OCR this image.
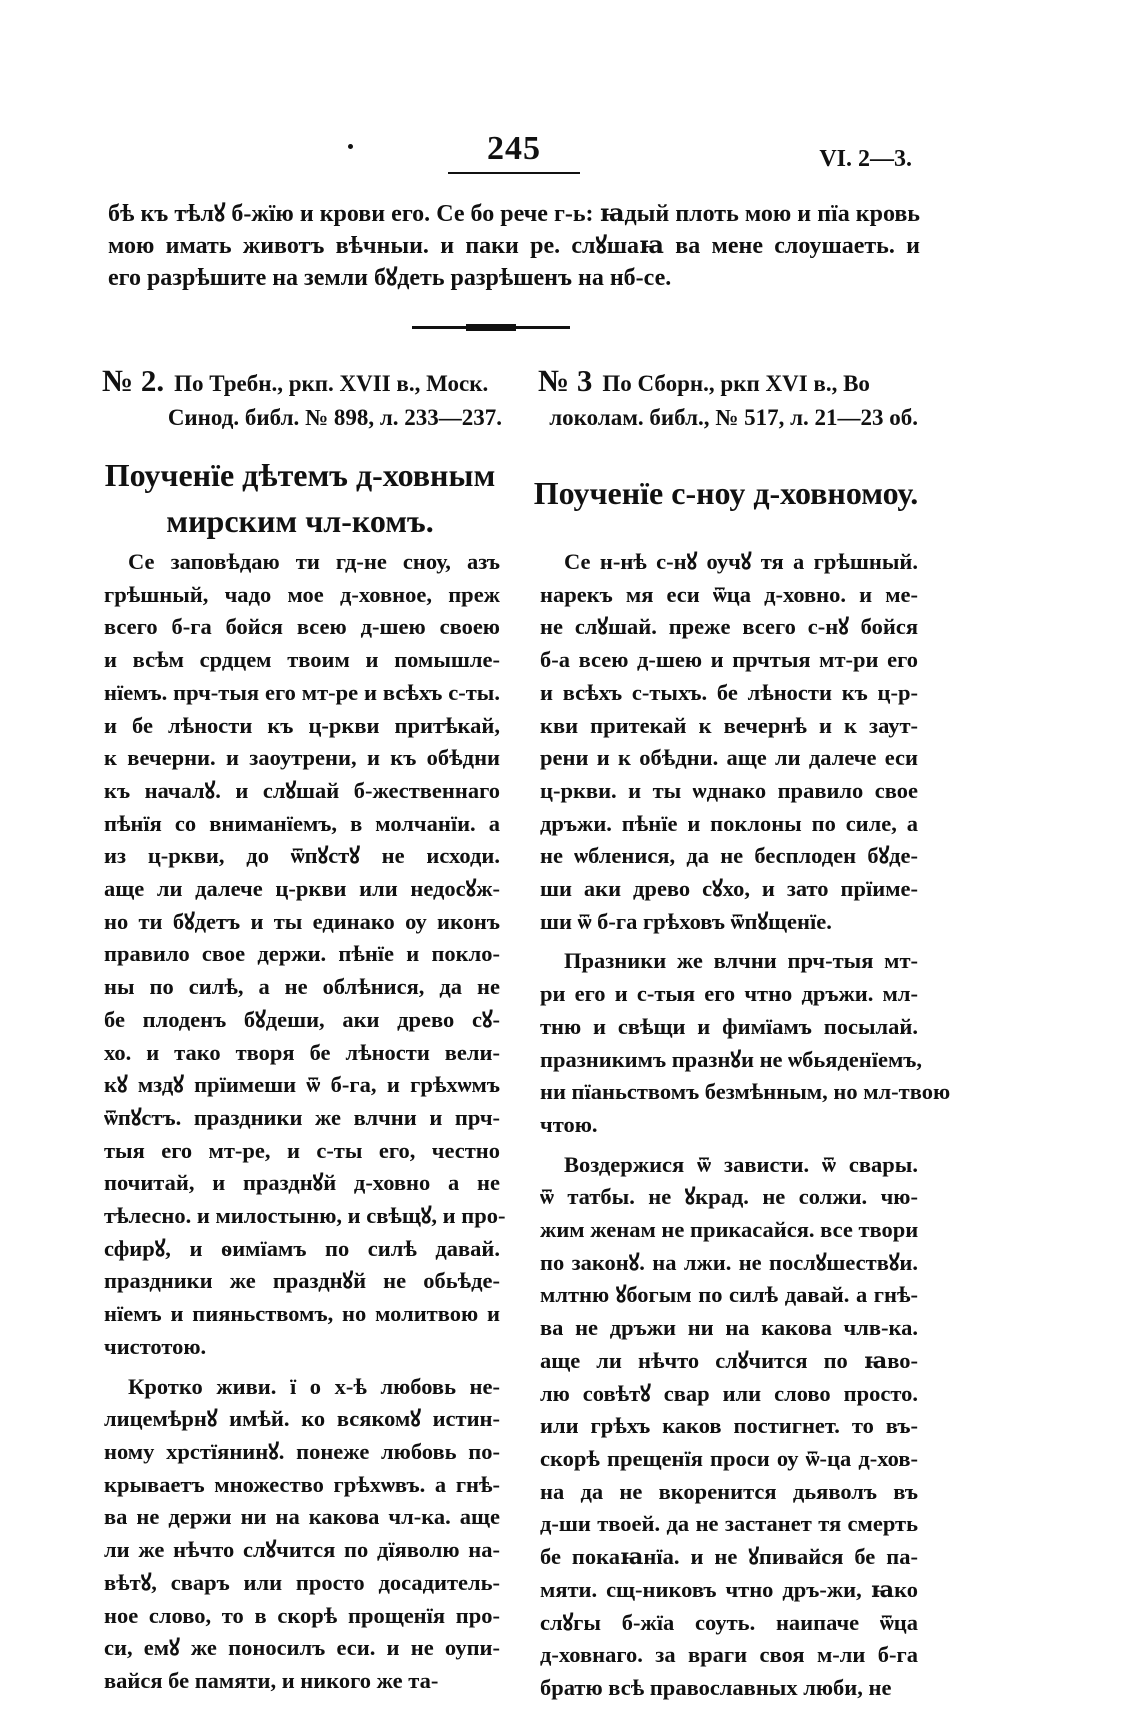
245	VI. 2—3.
бѣ къ тѣлꙋ б-жїю и крови его. Се бо рече г-ь: ꙗдый плоть мою и пїа кровь
мою имать животъ вѣчныи. и паки ре. слꙋшаꙗ ва мене слоушаеть. и
его разрѣшите на земли бꙋдеть разрѣшенъ на нб-се.
№ 2. По Требн., ркп. XVII в., Моск.
Синод. библ. № 898, л. 233—237.
№ 3 По Сборн., ркп XVI в., Во
локолам. библ., № 517, л. 21—23 об.
Поученїе дѣтемъ д-ховным
мирским чл-комъ.
Поученїе с-ноу д-ховномоу.
Се заповѣдаю ти гд-не сноу, азъ
грѣшный, чадо мое д-ховное, преж
всего б-га бойся всею д-шею своею
и всѣм срдцем твоим и помышле-
нїемъ. прч-тыя его мт-ре и всѣхъ с-ты.
и бе лѣности къ ц-ркви притѣкай,
к вечерни. и заоутрени, и къ обѣдни
къ началꙋ. и слꙋшай б-жественнаго
пѣнїя со вниманїемъ, в молчанїи. а
из ц-ркви, до ѿпꙋстꙋ не исходи.
аще ли далече ц-ркви или недосꙋж-
но ти бꙋдетъ и ты единако оу иконъ
правило свое держи. пѣнїе и покло-
ны по силѣ, а не облѣнися, да не
бе плоденъ бꙋдеши, аки древо сꙋ-
хо. и тако творя бе лѣности вели-
кꙋ мздꙋ прїимеши ѿ б-га, и грѣхѡмъ
ѿпꙋстъ. праздники же влчни и прч-
тыя его мт-ре, и с-ты его, честно
почитай, и празднꙋй д-ховно а не
тѣлесно. и милостыню, и свѣщꙋ, и про-
сфирꙋ, и ѳимїамъ по силѣ давай.
праздники же празднꙋй не обьѣде-
нїемъ и пияньствомъ, но молитвою и
чистотою.
Кротко живи. ї о х-ѣ любовь не-
лицемѣрнꙋ имѣй. ко всякомꙋ истин-
ному хрстїянинꙋ. понеже любовь по-
крываетъ множество грѣхѡвъ. а гнѣ-
ва не держи ни на какова чл-ка. аще
ли же нѣчто слꙋчится по дїяволю на-
вѣтꙋ, сваръ или просто досадитель-
ное слово, то в скорѣ прощенїя про-
си, емꙋ же поносилъ еси. и не оупи-
вайся бе памяти, и никого же та-
Се н-нѣ с-нꙋ оучꙋ тя а грѣшный.
нарекъ мя еси ѿца д-ховно. и ме-
не слꙋшай. прежe всего с-нꙋ бойся
б-а всею д-шею и прчтыя мт-ри его
и всѣхъ с-тыхъ. бе лѣности къ ц-р-
кви притекай к вечернѣ и к заут-
рени и к обѣдни. аще ли далече еси
ц-ркви. и ты ѡднако правило свое
дръжи. пѣнїе и поклоны по силе, а
не ѡбленися, да не бесплоден бꙋде-
ши аки древо сꙋхо, и зато прїиме-
ши ѿ б-га грѣховъ ѿпꙋщенїе.
Празники же влчни прч-тыя мт-
ри его и с-тыя его чтно дръжи. мл-
тню и свѣщи и фимїамъ посылай.
празникимъ празнꙋи не ѡбьяденїемъ,
ни пїаньствомъ безмѣнным, но мл-твою
чтою.
Воздержися ѿ зависти. ѿ свары.
ѿ татбы. не ꙋкрад. не солжи. чю-
жим женам не прикасайся. все твори
по законꙋ. на лжи. не послꙋшествꙋи.
млтню ꙋбогым по силѣ давай. а гнѣ-
ва не дръжи ни на какова члв-ка.
аще ли нѣчто слꙋчится по ꙗво-
лю совѣтꙋ свар или слово просто.
или грѣхъ каков постигнет. то въ-
скорѣ прещенїя проси оу ѿ-ца д-хов-
на да не вкоренится дьяволъ въ
д-ши твоей. да не застанет тя смерть
бе покаꙗнїа. и не ꙋпивайся бе па-
мяти. сщ-никовъ чтно дръ-жи, ꙗко
слꙋгы б-жїа соуть. наипаче ѿца
д-ховнаго. за враги своя м-ли б-га
братю всѣ православных люби, не
